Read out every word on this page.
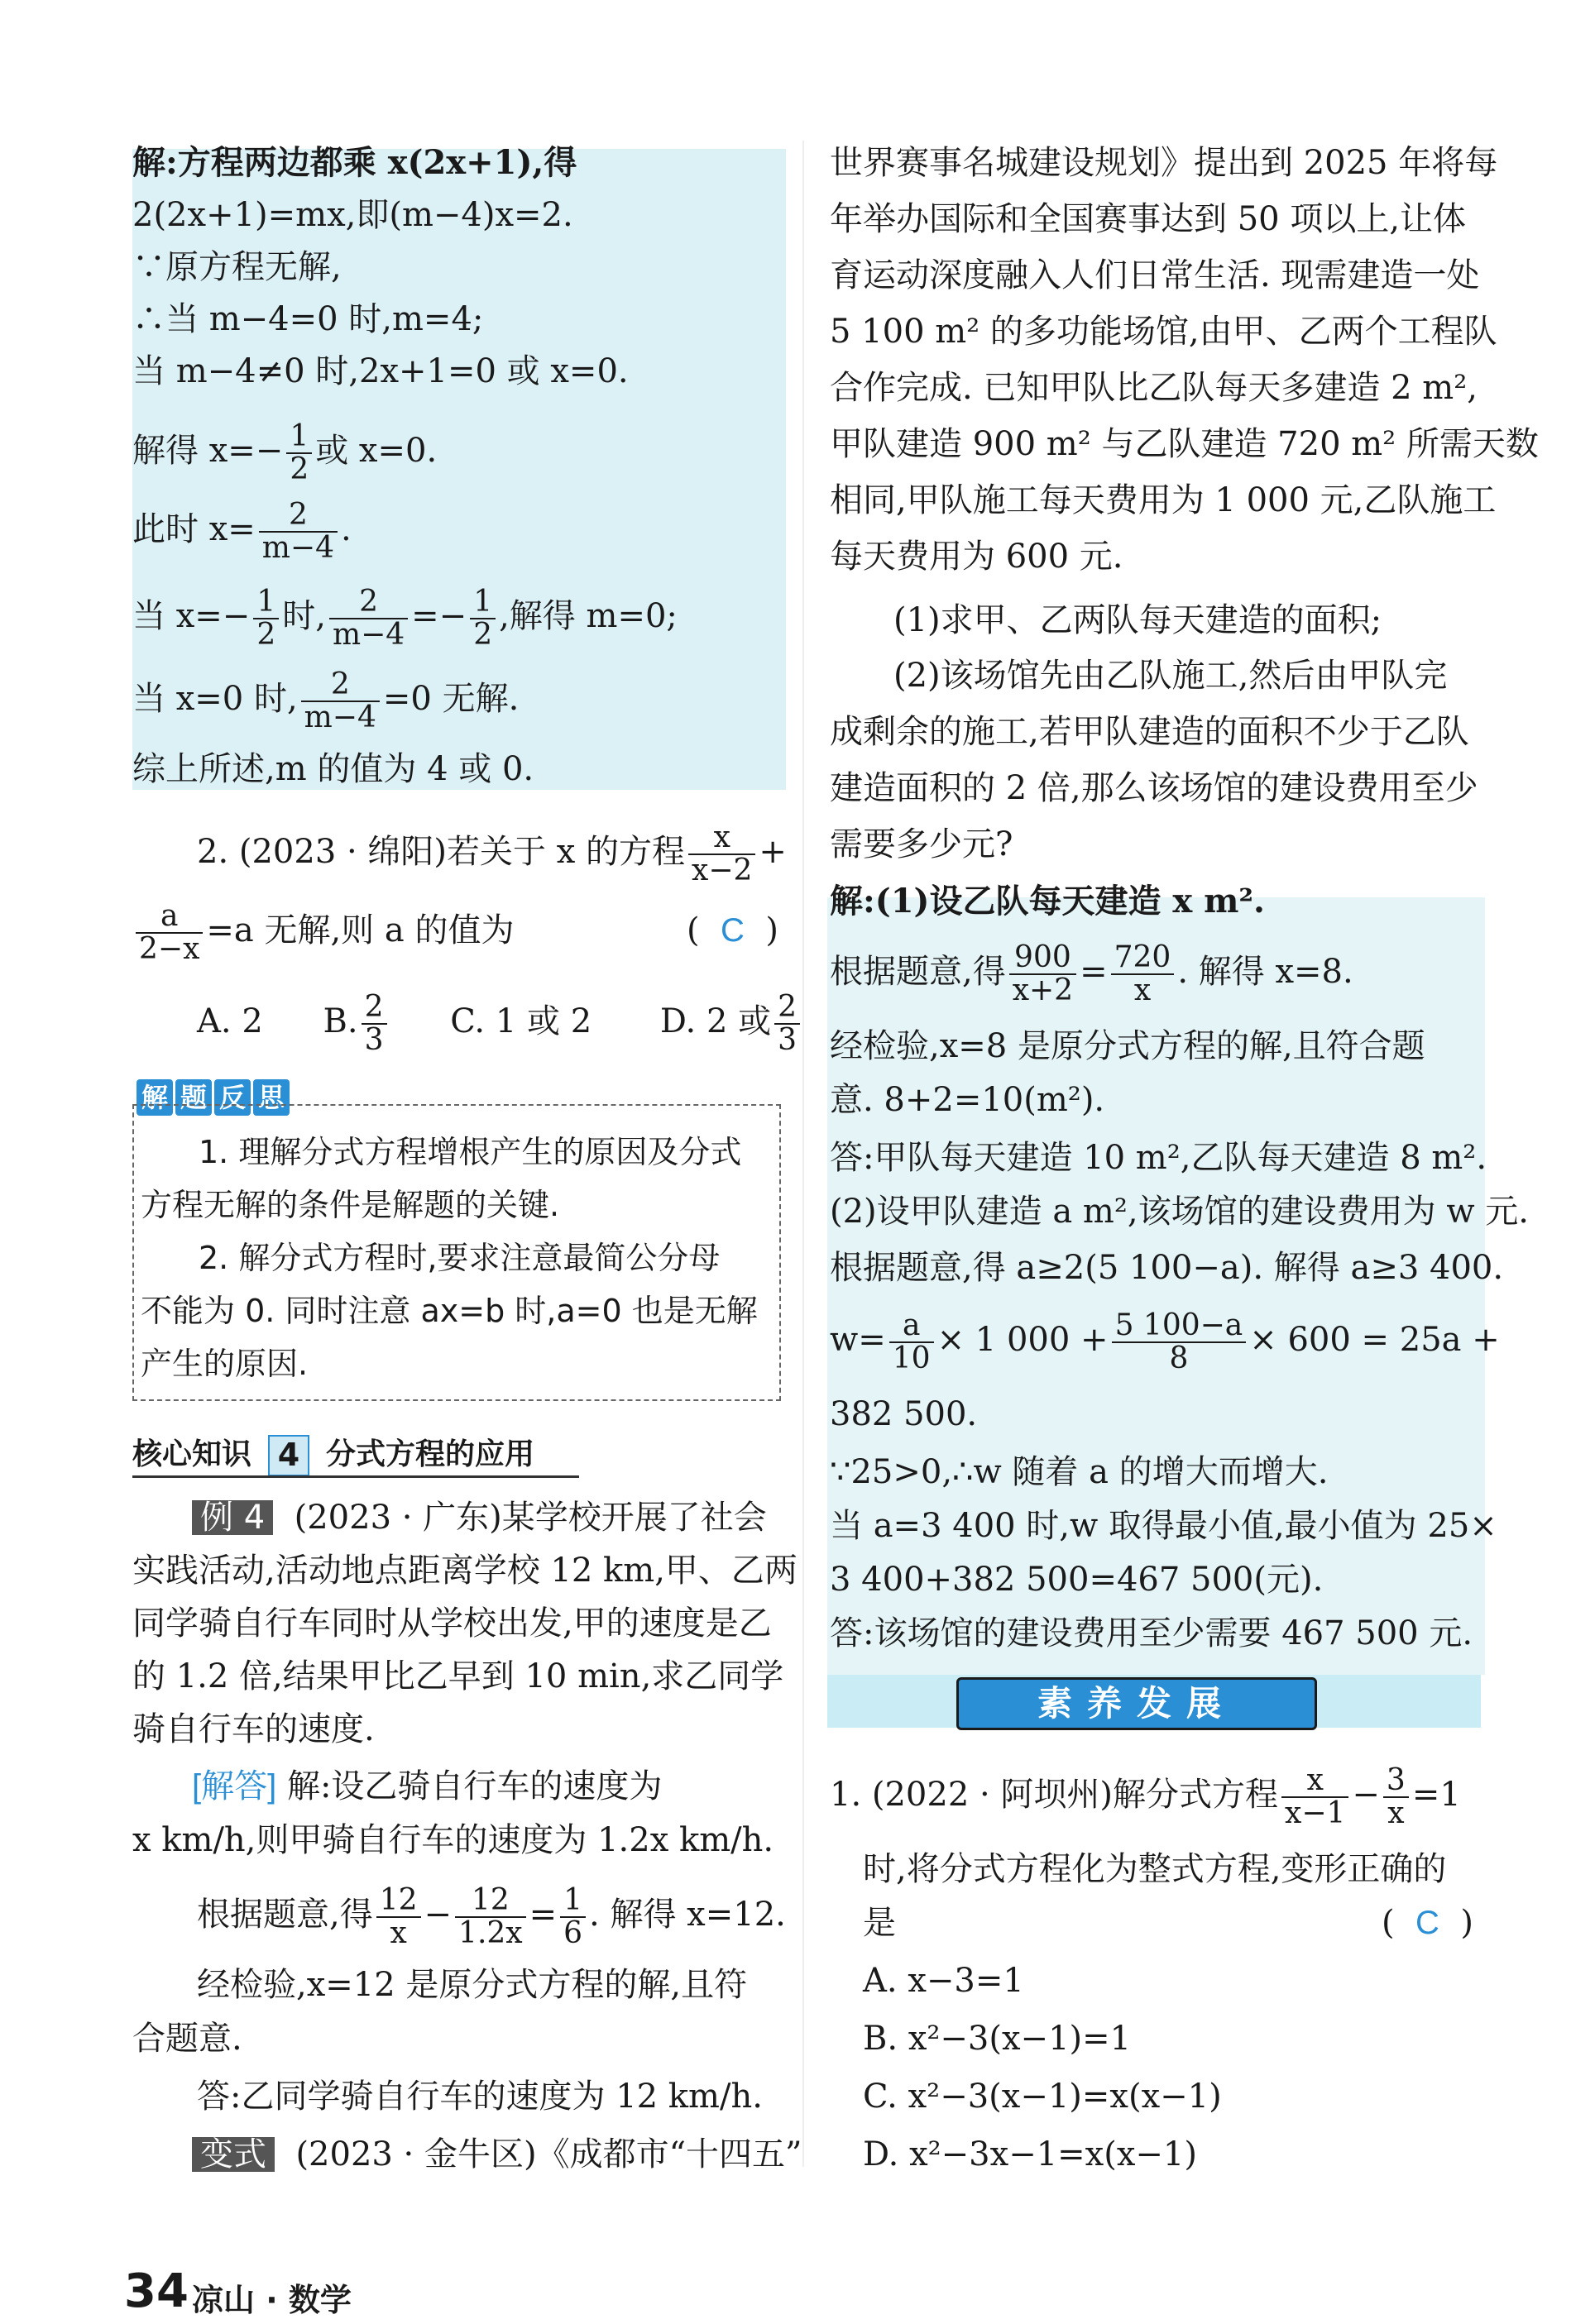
解:方程两边都乘 x(2x+1),得
2(2x+1)=mx,即(m−4)x=2.
∵原方程无解,
∴当 m−4=0 时,m=4;
当 m−4≠0 时,2x+1=0 或 x=0.
解得 $x=- \frac{1}{2}$ 或 x=0.
此时 $x= \frac{2}{m-4}$ .
当 $x=- \frac{1}{2}$ 时, $\frac{2}{m-4} =- \frac{1}{2}$ ,解得 m=0;
当 x=0 时, $\frac{2}{m-4} =0$ 无解.
综上所述,m 的值为 4 或 0.
2. (2023 · 绵阳)若关于 x 的方程 $\frac{x}{x-2}$ +
$\frac{a}{2-x} =a$ 无解,则 a 的值为	( C )
A. 2 B. $\frac{2}{3} C$. 1 或 2 D. 2 或 $\frac{2}{3}$
解 题 反 思
1. 理解分式方程增根产生的原因及分式
方程无解的条件是解题的关键.
2. 解分式方程时,要求注意最简公分母
不能为 0. 同时注意 ax=b 时,a=0 也是无解
产生的原因.
核心知识 4 分式方程的应用
例 4 (2023 · 广东)某学校开展了社会
实践活动,活动地点距离学校 12 km,甲、乙两
同学骑自行车同时从学校出发,甲的速度是乙
的 1.2 倍,结果甲比乙早到 10 min,求乙同学
骑自行车的速度.
[解答] 解:设乙骑自行车的速度为
x km/h,则甲骑自行车的速度为 1.2x km/h.
根据题意,得 $\frac{12}{x} - \frac{12}{1.2x} = \frac{1}{6}$ . 解得 x=12.
经检验,x=12 是原分式方程的解,且符
合题意.
答:乙同学骑自行车的速度为 12 km/h.
变式 (2023 · 金牛区)《成都市“十四五”
世界赛事名城建设规划》提出到 2025 年将每
年举办国际和全国赛事达到 50 项以上,让体
育运动深度融入人们日常生活. 现需建造一处
5 100 m² 的多功能场馆,由甲、乙两个工程队
合作完成. 已知甲队比乙队每天多建造 2 m²,
甲队建造 900 m² 与乙队建造 720 m² 所需天数
相同,甲队施工每天费用为 1 000 元,乙队施工
每天费用为 600 元.
(1)求甲、乙两队每天建造的面积;
(2)该场馆先由乙队施工,然后由甲队完
成剩余的施工,若甲队建造的面积不少于乙队
建造面积的 2 倍,那么该场馆的建设费用至少
需要多少元?
解:(1)设乙队每天建造 x m².
根据题意,得 $\frac{900}{x+2} = \frac{720}{x}$ . 解得 x=8.
经检验,x=8 是原分式方程的解,且符合题
意. 8+2=10(m²).
答:甲队每天建造 10 m²,乙队每天建造 8 m².
(2)设甲队建造 a m²,该场馆的建设费用为 w 元.
根据题意,得 a≥2(5 100−a). 解得 a≥3 400.
$w= \frac{a}{10} \times 1$ $000 + \frac{5 100-a}{8} \times 600 = 25a$ +
382 500.
∵25>0,∴w 随着 a 的增大而增大.
当 a=3 400 时,w 取得最小值,最小值为 25×
3 400+382 500=467 500(元).
答:该场馆的建设费用至少需要 467 500 元.
素养发展
1. (2022 · 阿坝州)解分式方程 $\frac{x}{x-1} - \frac{3}{x} =1$
时,将分式方程化为整式方程,变形正确的
是	( C )
A. x−3=1
B. x²−3(x−1)=1
C. x²−3(x−1)=x(x−1)
D. x²−3x−1=x(x−1)
34 凉山 · 数学
